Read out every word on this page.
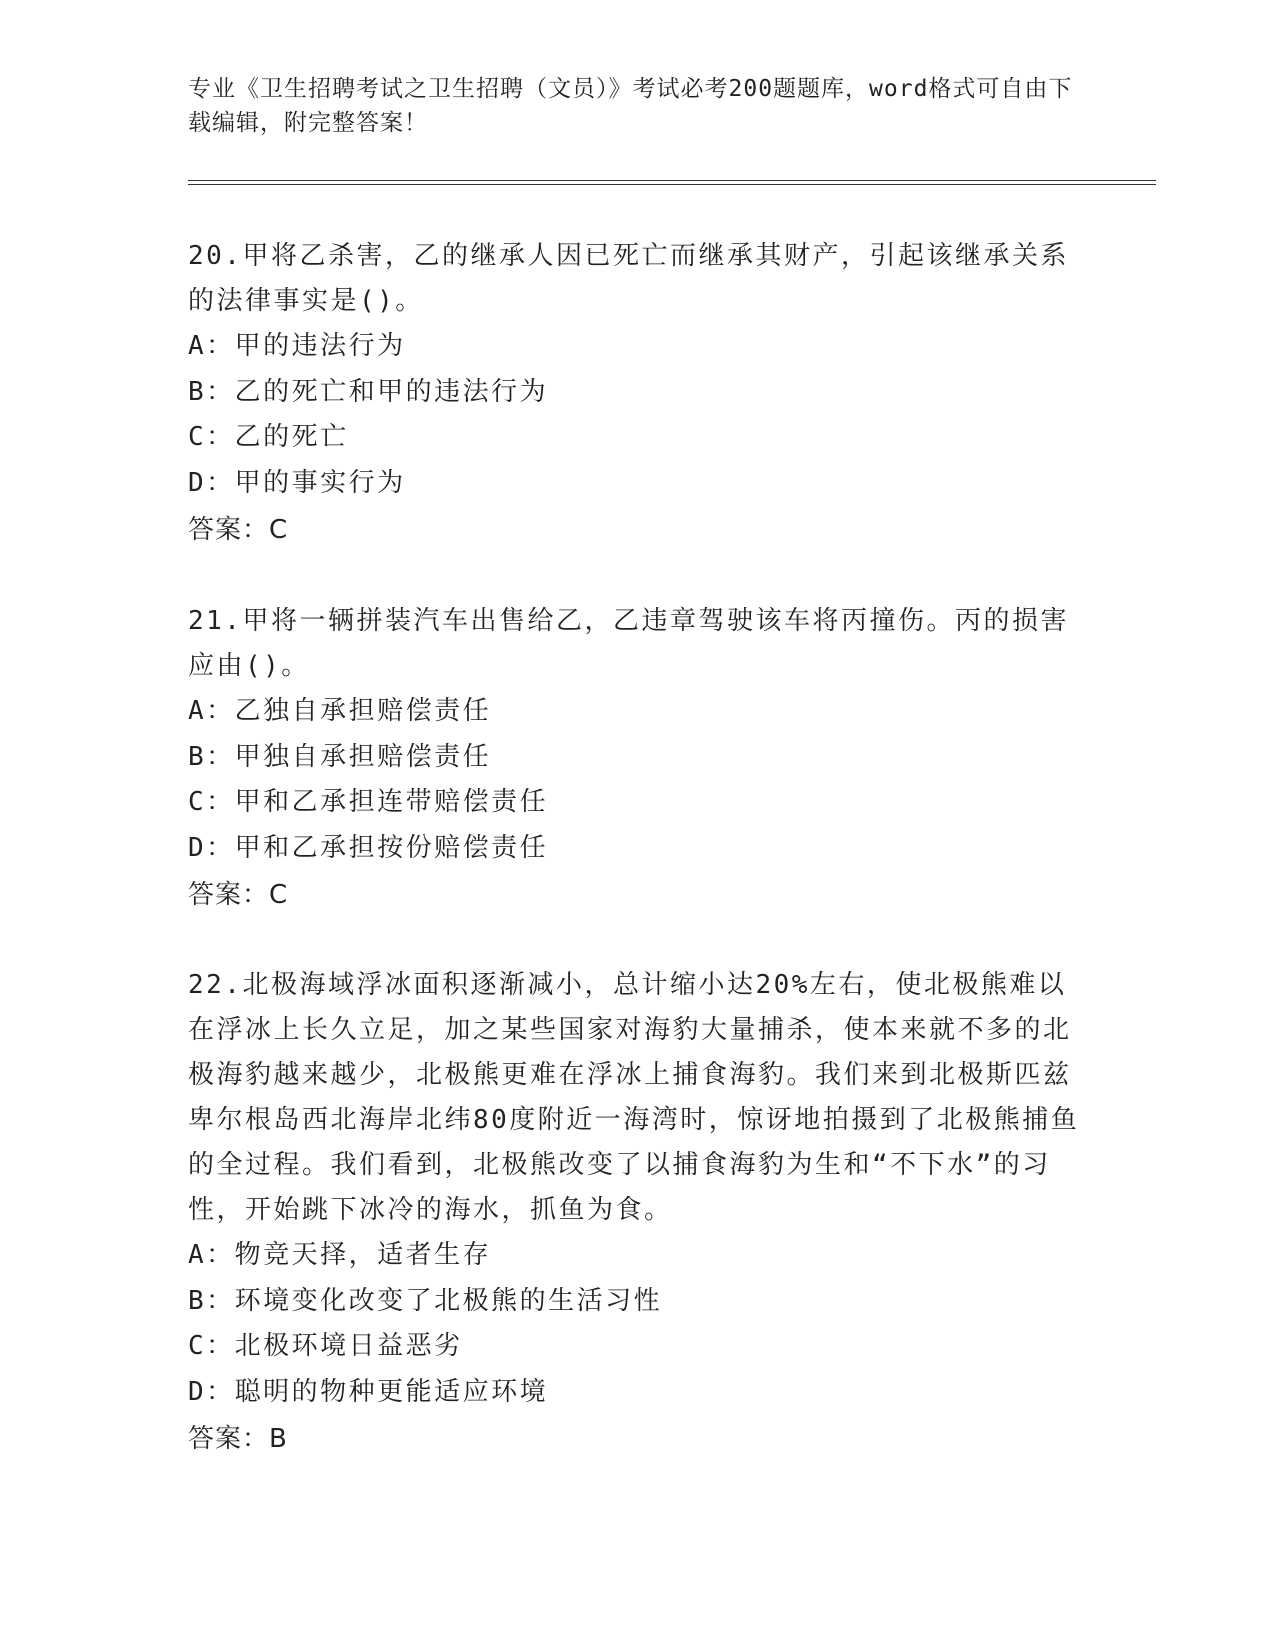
专业《卫生招聘考试之卫生招聘（文员）》考试必考200题题库，word格式可自由下载编辑，附完整答案！
20.甲将乙杀害，乙的继承人因已死亡而继承其财产，引起该继承关系的法律事实是()。
A：甲的违法行为
B：乙的死亡和甲的违法行为
C：乙的死亡
D：甲的事实行为
答案：C
21.甲将一辆拼装汽车出售给乙，乙违章驾驶该车将丙撞伤。丙的损害应由()。
A：乙独自承担赔偿责任
B：甲独自承担赔偿责任
C：甲和乙承担连带赔偿责任
D：甲和乙承担按份赔偿责任
答案：C
22.北极海域浮冰面积逐渐减小，总计缩小达20%左右，使北极熊难以在浮冰上长久立足，加之某些国家对海豹大量捕杀，使本来就不多的北极海豹越来越少，北极熊更难在浮冰上捕食海豹。我们来到北极斯匹兹卑尔根岛西北海岸北纬80度附近一海湾时，惊讶地拍摄到了北极熊捕鱼的全过程。我们看到，北极熊改变了以捕食海豹为生和“不下水”的习性，开始跳下冰冷的海水，抓鱼为食。
A：物竞天择，适者生存
B：环境变化改变了北极熊的生活习性
C：北极环境日益恶劣
D：聪明的物种更能适应环境
答案：B
